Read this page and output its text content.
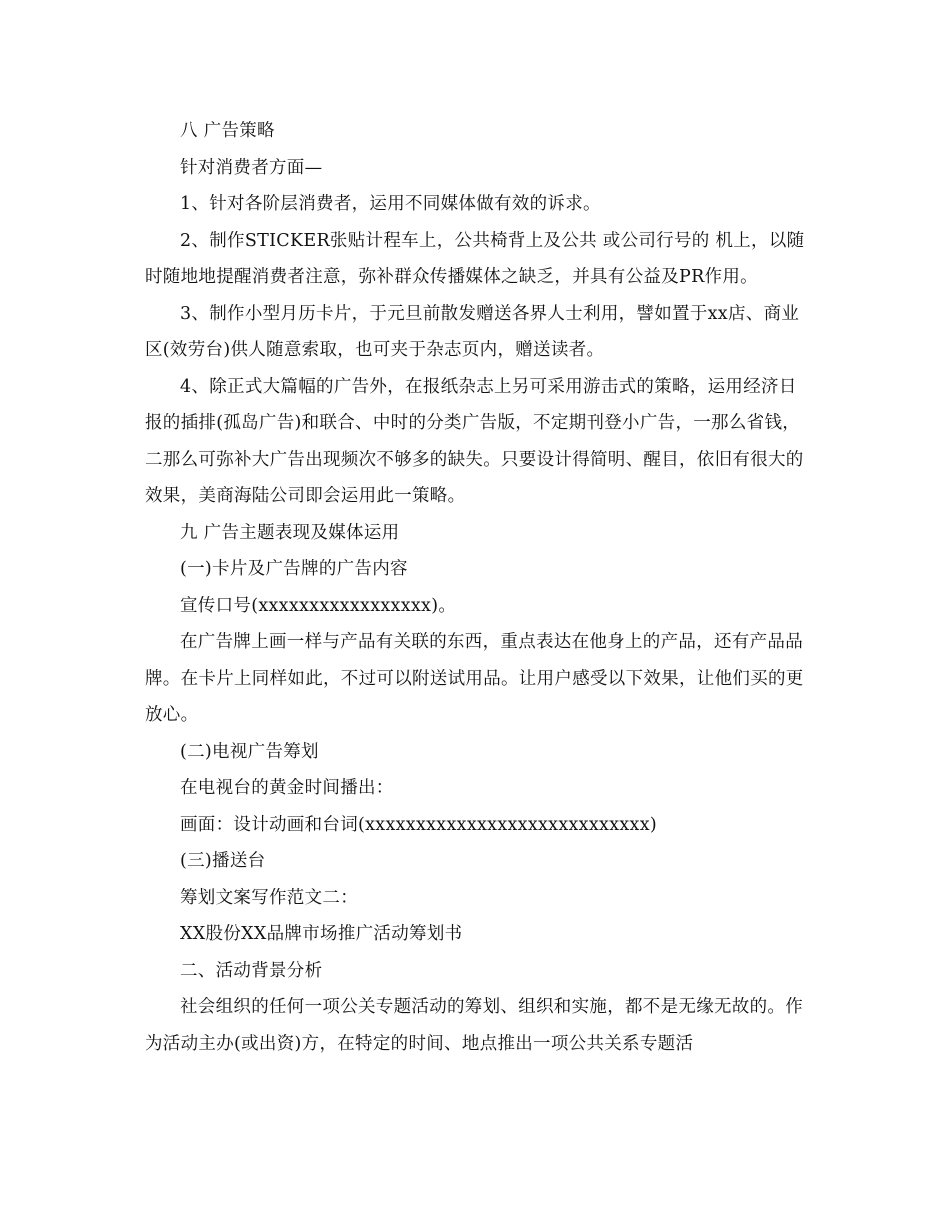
八 广告策略

针对消费者方面—

1、针对各阶层消费者，运用不同媒体做有效的诉求。

2、制作STICKER张贴计程车上，公共椅背上及公共 或公司行号的 机上，以随时随地地提醒消费者注意，弥补群众传播媒体之缺乏，并具有公益及PR作用。

3、制作小型月历卡片，于元旦前散发赠送各界人士利用，譬如置于xx店、商业区(效劳台)供人随意索取，也可夹于杂志页内，赠送读者。

4、除正式大篇幅的广告外，在报纸杂志上另可采用游击式的策略，运用经济日报的插排(孤岛广告)和联合、中时的分类广告版，不定期刊登小广告，一那么省钱，二那么可弥补大广告出现频次不够多的缺失。只要设计得简明、醒目，依旧有很大的效果，美商海陆公司即会运用此一策略。

九 广告主题表现及媒体运用

(一)卡片及广告牌的广告内容

宣传口号(xxxxxxxxxxxxxxxxx)。

在广告牌上画一样与产品有关联的东西，重点表达在他身上的产品，还有产品品牌。在卡片上同样如此，不过可以附送试用品。让用户感受以下效果，让他们买的更放心。

(二)电视广告筹划

在电视台的黄金时间播出：

画面：设计动画和台词(xxxxxxxxxxxxxxxxxxxxxxxxxxxx)

(三)播送台

筹划文案写作范文二：

XX股份XX品牌市场推广活动筹划书

二、活动背景分析

社会组织的任何一项公关专题活动的筹划、组织和实施，都不是无缘无故的。作为活动主办(或出资)方，在特定的时间、地点推出一项公共关系专题活
